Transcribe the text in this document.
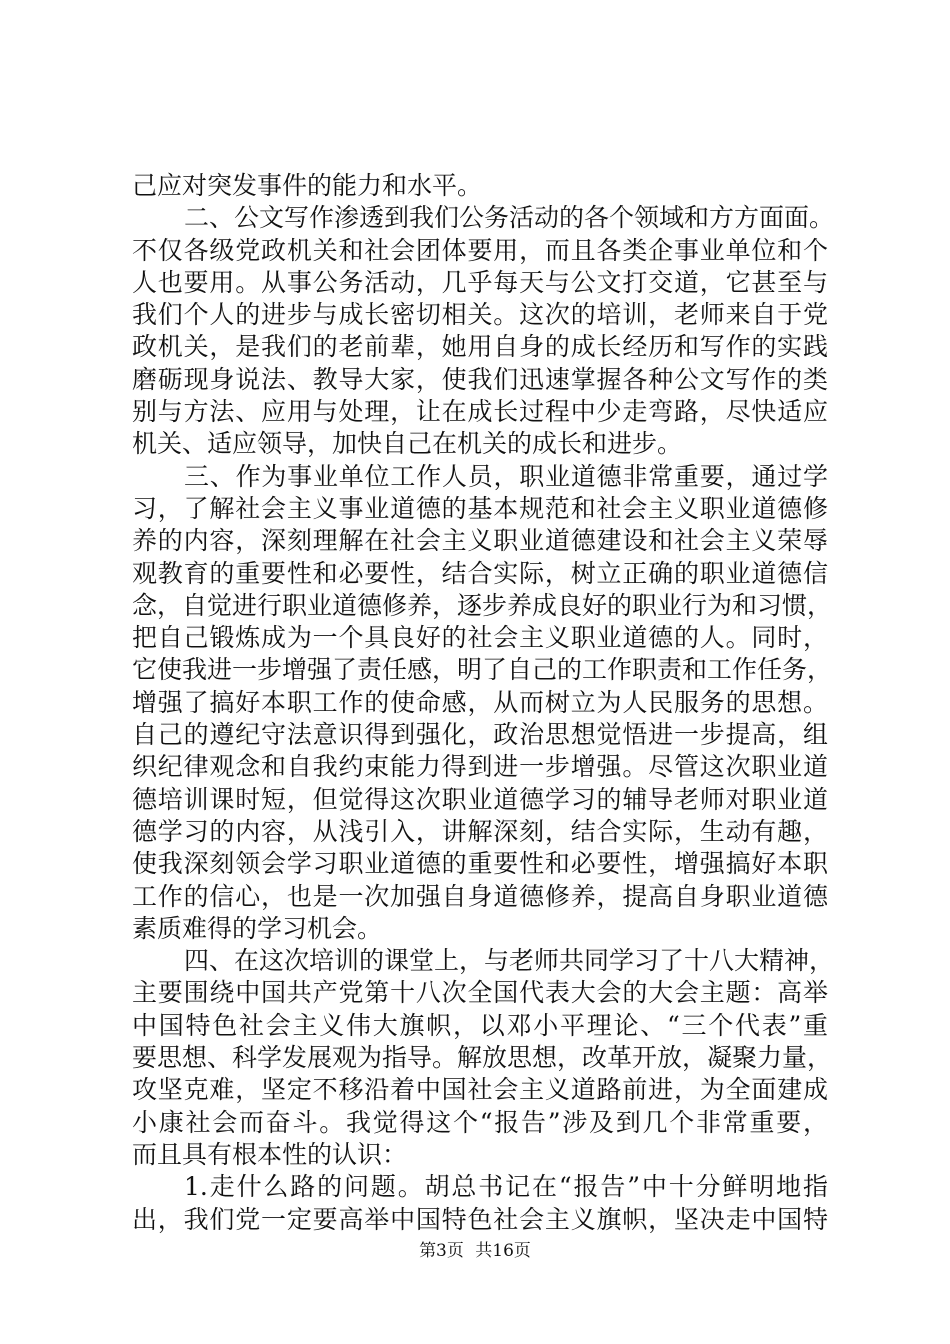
己应对突发事件的能力和水平。
二、公文写作渗透到我们公务活动的各个领域和方方面面。
不仅各级党政机关和社会团体要用，而且各类企事业单位和个
人也要用。从事公务活动，几乎每天与公文打交道，它甚至与
我们个人的进步与成长密切相关。这次的培训，老师来自于党
政机关，是我们的老前辈，她用自身的成长经历和写作的实践
磨砺现身说法、教导大家，使我们迅速掌握各种公文写作的类
别与方法、应用与处理，让在成长过程中少走弯路，尽快适应
机关、适应领导，加快自己在机关的成长和进步。
三、作为事业单位工作人员，职业道德非常重要，通过学
习，了解社会主义事业道德的基本规范和社会主义职业道德修
养的内容，深刻理解在社会主义职业道德建设和社会主义荣辱
观教育的重要性和必要性，结合实际，树立正确的职业道德信
念，自觉进行职业道德修养，逐步养成良好的职业行为和习惯，
把自己锻炼成为一个具良好的社会主义职业道德的人。同时，
它使我进一步增强了责任感，明了自己的工作职责和工作任务，
增强了搞好本职工作的使命感，从而树立为人民服务的思想。
自己的遵纪守法意识得到强化，政治思想觉悟进一步提高，组
织纪律观念和自我约束能力得到进一步增强。尽管这次职业道
德培训课时短，但觉得这次职业道德学习的辅导老师对职业道
德学习的内容，从浅引入，讲解深刻，结合实际，生动有趣，
使我深刻领会学习职业道德的重要性和必要性，增强搞好本职
工作的信心，也是一次加强自身道德修养，提高自身职业道德
素质难得的学习机会。
四、在这次培训的课堂上，与老师共同学习了十八大精神，
主要围绕中国共产党第十八次全国代表大会的大会主题：高举
中国特色社会主义伟大旗帜，以邓小平理论、“三个代表”重
要思想、科学发展观为指导。解放思想，改革开放，凝聚力量，
攻坚克难，坚定不移沿着中国社会主义道路前进，为全面建成
小康社会而奋斗。我觉得这个“报告”涉及到几个非常重要，
而且具有根本性的认识：
1.走什么路的问题。胡总书记在“报告”中十分鲜明地指
出，我们党一定要高举中国特色社会主义旗帜，坚决走中国特
第3页 共16页
